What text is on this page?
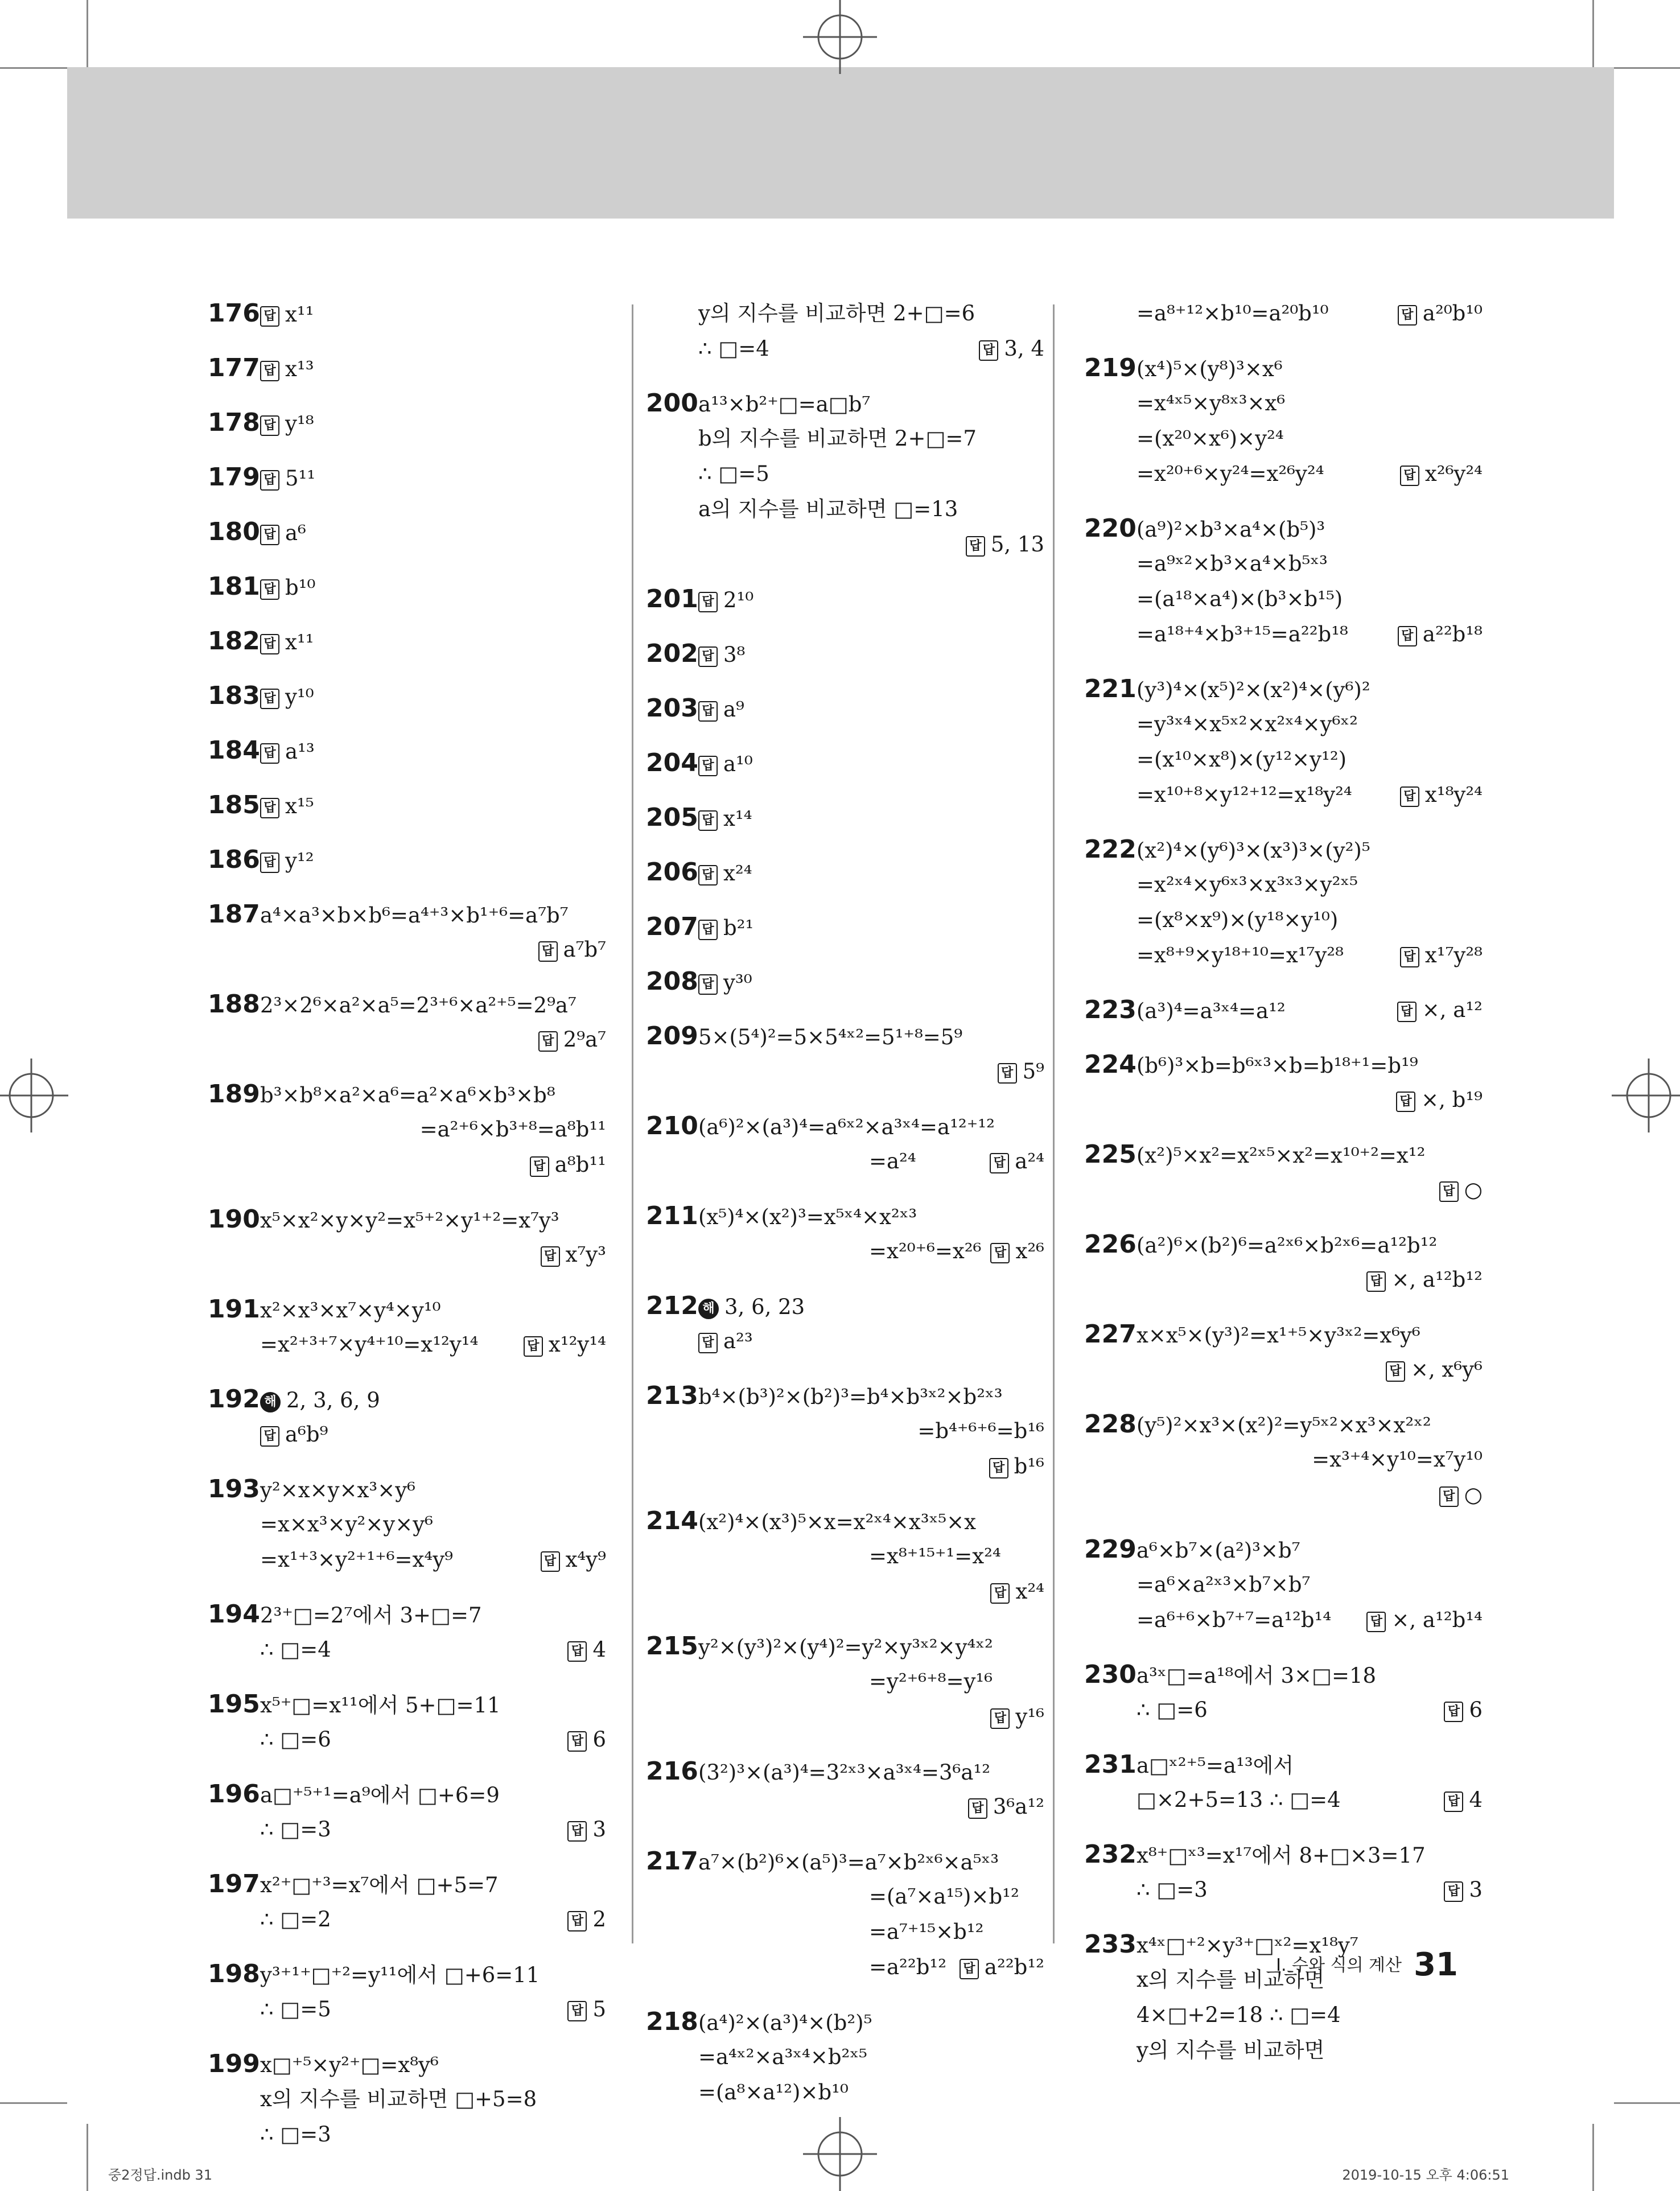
176 답 x¹¹
177 답 x¹³
178 답 y¹⁸
179 답 5¹¹
180 답 a⁶
181 답 b¹⁰
182 답 x¹¹
183 답 y¹⁰
184 답 a¹³
185 답 x¹⁵
186 답 y¹²
187a⁴×a³×b×b⁶=a⁴⁺³×b¹⁺⁶=a⁷b⁷
답 a⁷b⁷
1882³×2⁶×a²×a⁵=2³⁺⁶×a²⁺⁵=2⁹a⁷
답 2⁹a⁷
189b³×b⁸×a²×a⁶=a²×a⁶×b³×b⁸
=a²⁺⁶×b³⁺⁸=a⁸b¹¹
답 a⁸b¹¹
190x⁵×x²×y×y²=x⁵⁺²×y¹⁺²=x⁷y³
답 x⁷y³
191x²×x³×x⁷×y⁴×y¹⁰
=x²⁺³⁺⁷×y⁴⁺¹⁰=x¹²y¹⁴	답 x¹²y¹⁴
192 해 2, 3, 6, 9
답 a⁶b⁹
193y²×x×y×x³×y⁶
=x×x³×y²×y×y⁶
=x¹⁺³×y²⁺¹⁺⁶=x⁴y⁹	답 x⁴y⁹
1942³⁺□=2⁷에서 3+□=7
∴ □=4	답 4
195x⁵⁺□=x¹¹에서 5+□=11
∴ □=6	답 6
196a□⁺⁵⁺¹=a⁹에서 □+6=9
∴ □=3	답 3
197x²⁺□⁺³=x⁷에서 □+5=7
∴ □=2	답 2
198y³⁺¹⁺□⁺²=y¹¹에서 □+6=11
∴ □=5	답 5
199x□⁺⁵×y²⁺□=x⁸y⁶
x의 지수를 비교하면 □+5=8
∴ □=3
y의 지수를 비교하면 2+□=6
∴ □=4	답 3, 4
200a¹³×b²⁺□=a□b⁷
b의 지수를 비교하면 2+□=7
∴ □=5
a의 지수를 비교하면 □=13
답 5, 13
201 답 2¹⁰
202 답 3⁸
203 답 a⁹
204 답 a¹⁰
205 답 x¹⁴
206 답 x²⁴
207 답 b²¹
208 답 y³⁰
2095×(5⁴)²=5×5⁴ˣ²=5¹⁺⁸=5⁹
답 5⁹
210(a⁶)²×(a³)⁴=a⁶ˣ²×a³ˣ⁴=a¹²⁺¹²
=a²⁴	답 a²⁴
211(x⁵)⁴×(x²)³=x⁵ˣ⁴×x²ˣ³
=x²⁰⁺⁶=x²⁶ 답 x²⁶
212 해 3, 6, 23
답 a²³
213b⁴×(b³)²×(b²)³=b⁴×b³ˣ²×b²ˣ³
=b⁴⁺⁶⁺⁶=b¹⁶
답 b¹⁶
214(x²)⁴×(x³)⁵×x=x²ˣ⁴×x³ˣ⁵×x
=x⁸⁺¹⁵⁺¹=x²⁴
답 x²⁴
215y²×(y³)²×(y⁴)²=y²×y³ˣ²×y⁴ˣ²
=y²⁺⁶⁺⁸=y¹⁶
답 y¹⁶
216(3²)³×(a³)⁴=3²ˣ³×a³ˣ⁴=3⁶a¹²
답 3⁶a¹²
217a⁷×(b²)⁶×(a⁵)³=a⁷×b²ˣ⁶×a⁵ˣ³
=(a⁷×a¹⁵)×b¹²
=a⁷⁺¹⁵×b¹²
=a²²b¹² 답 a²²b¹²
218(a⁴)²×(a³)⁴×(b²)⁵
=a⁴ˣ²×a³ˣ⁴×b²ˣ⁵
=(a⁸×a¹²)×b¹⁰
=a⁸⁺¹²×b¹⁰=a²⁰b¹⁰	답 a²⁰b¹⁰
219(x⁴)⁵×(y⁸)³×x⁶
=x⁴ˣ⁵×y⁸ˣ³×x⁶
=(x²⁰×x⁶)×y²⁴
=x²⁰⁺⁶×y²⁴=x²⁶y²⁴	답 x²⁶y²⁴
220(a⁹)²×b³×a⁴×(b⁵)³
=a⁹ˣ²×b³×a⁴×b⁵ˣ³
=(a¹⁸×a⁴)×(b³×b¹⁵)
=a¹⁸⁺⁴×b³⁺¹⁵=a²²b¹⁸	답 a²²b¹⁸
221(y³)⁴×(x⁵)²×(x²)⁴×(y⁶)²
=y³ˣ⁴×x⁵ˣ²×x²ˣ⁴×y⁶ˣ²
=(x¹⁰×x⁸)×(y¹²×y¹²)
=x¹⁰⁺⁸×y¹²⁺¹²=x¹⁸y²⁴	답 x¹⁸y²⁴
222(x²)⁴×(y⁶)³×(x³)³×(y²)⁵
=x²ˣ⁴×y⁶ˣ³×x³ˣ³×y²ˣ⁵
=(x⁸×x⁹)×(y¹⁸×y¹⁰)
=x⁸⁺⁹×y¹⁸⁺¹⁰=x¹⁷y²⁸	답 x¹⁷y²⁸
223(a³)⁴=a³ˣ⁴=a¹²	답 ×, a¹²
224(b⁶)³×b=b⁶ˣ³×b=b¹⁸⁺¹=b¹⁹
답 ×, b¹⁹
225(x²)⁵×x²=x²ˣ⁵×x²=x¹⁰⁺²=x¹²
답 ○
226(a²)⁶×(b²)⁶=a²ˣ⁶×b²ˣ⁶=a¹²b¹²
답 ×, a¹²b¹²
227x×x⁵×(y³)²=x¹⁺⁵×y³ˣ²=x⁶y⁶
답 ×, x⁶y⁶
228(y⁵)²×x³×(x²)²=y⁵ˣ²×x³×x²ˣ²
=x³⁺⁴×y¹⁰=x⁷y¹⁰
답 ○
229a⁶×b⁷×(a²)³×b⁷
=a⁶×a²ˣ³×b⁷×b⁷
=a⁶⁺⁶×b⁷⁺⁷=a¹²b¹⁴	답 ×, a¹²b¹⁴
230a³ˣ□=a¹⁸에서 3×□=18
∴ □=6	답 6
231a□ˣ²⁺⁵=a¹³에서
□×2+5=13 ∴ □=4	답 4
232x⁸⁺□ˣ³=x¹⁷에서 8+□×3=17
∴ □=3	답 3
233x⁴ˣ□⁺²×y³⁺□ˣ²=x¹⁸y⁷
x의 지수를 비교하면
4×□+2=18 ∴ □=4
y의 지수를 비교하면
Ⅰ. 수와 식의 계산 31
중2정답.indb 31	2019-10-15 오후 4:06:51
